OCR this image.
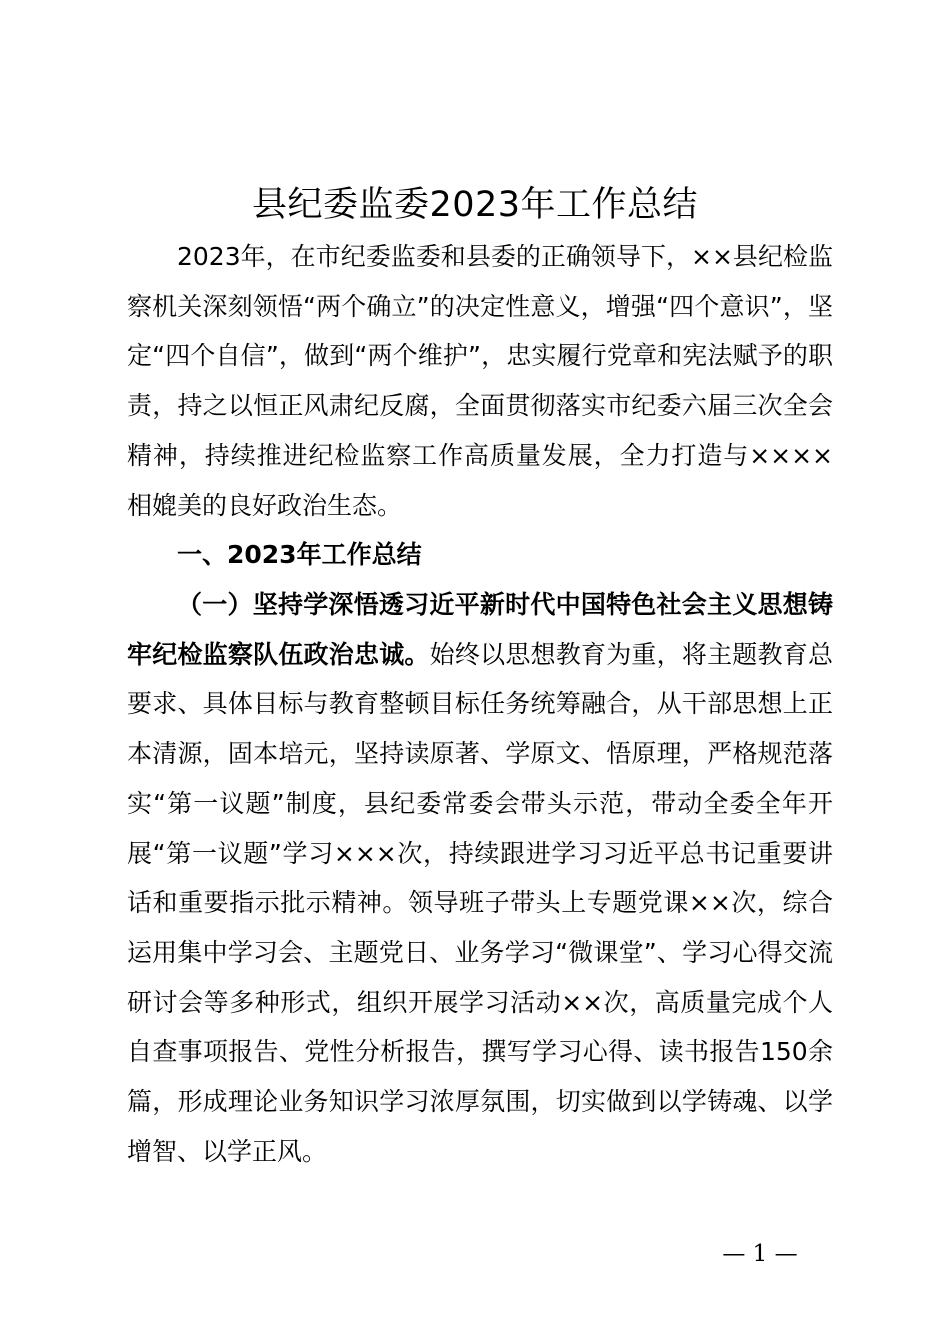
县纪委监委2023年工作总结
2023年，在市纪委监委和县委的正确领导下，××县纪检监察机关深刻领悟“两个确立”的决定性意义，增强“四个意识”，坚定“四个自信”，做到“两个维护”，忠实履行党章和宪法赋予的职责，持之以恒正风肃纪反腐，全面贯彻落实市纪委六届三次全会精神，持续推进纪检监察工作高质量发展，全力打造与××××相媲美的良好政治生态。
一、2023年工作总结
（一）坚持学深悟透习近平新时代中国特色社会主义思想铸牢纪检监察队伍政治忠诚。始终以思想教育为重，将主题教育总要求、具体目标与教育整顿目标任务统筹融合，从干部思想上正本清源，固本培元，坚持读原著、学原文、悟原理，严格规范落实“第一议题”制度，县纪委常委会带头示范，带动全委全年开展“第一议题”学习×××次，持续跟进学习习近平总书记重要讲话和重要指示批示精神。领导班子带头上专题党课××次，综合运用集中学习会、主题党日、业务学习“微课堂”、学习心得交流研讨会等多种形式，组织开展学习活动××次，高质量完成个人自查事项报告、党性分析报告，撰写学习心得、读书报告150余篇，形成理论业务知识学习浓厚氛围，切实做到以学铸魂、以学增智、以学正风。
— 1 —
